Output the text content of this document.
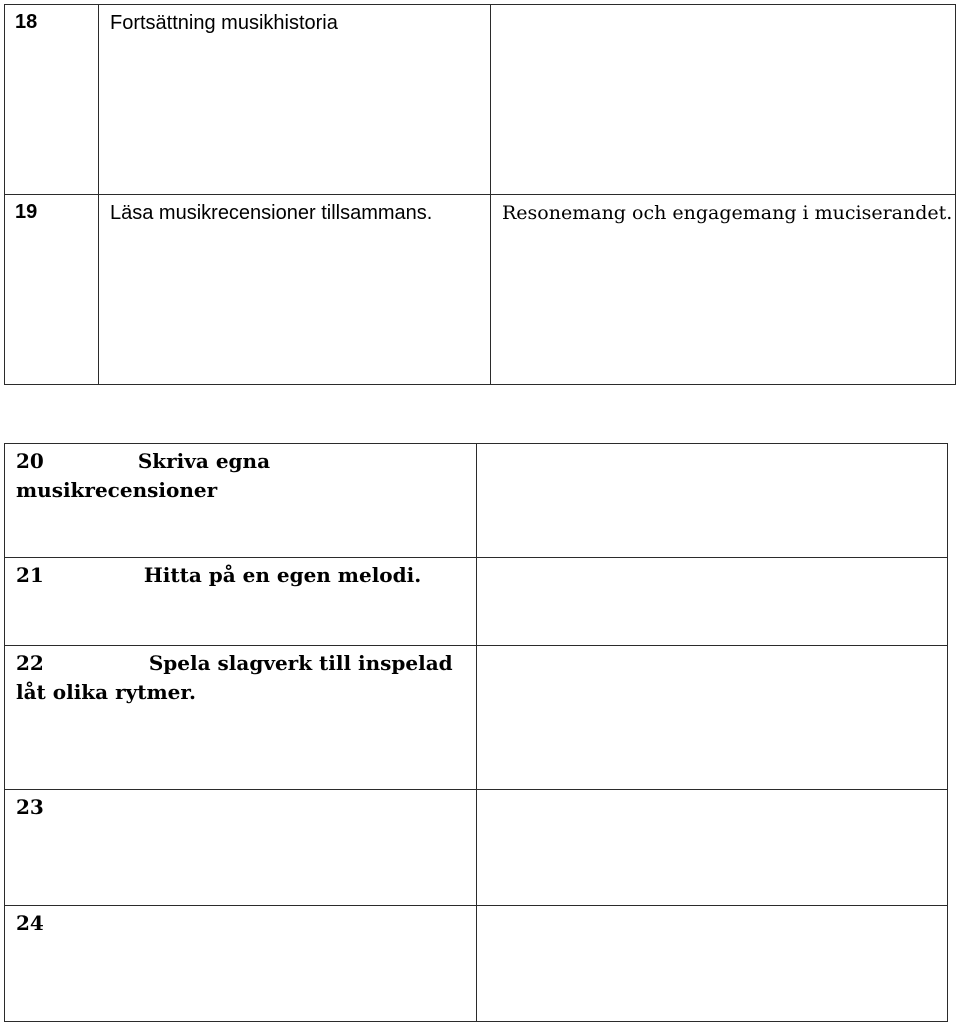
18	Fortsättning musikhistoria	
19	Läsa musikrecensioner tillsammans.	Resonemang och engagemang i muciserandet.
20 Skriva egna musikrecensioner	
21 Hitta på en egen melodi.	
22 Spela slagverk till inspelad låt olika rytmer.	
23	
24	
